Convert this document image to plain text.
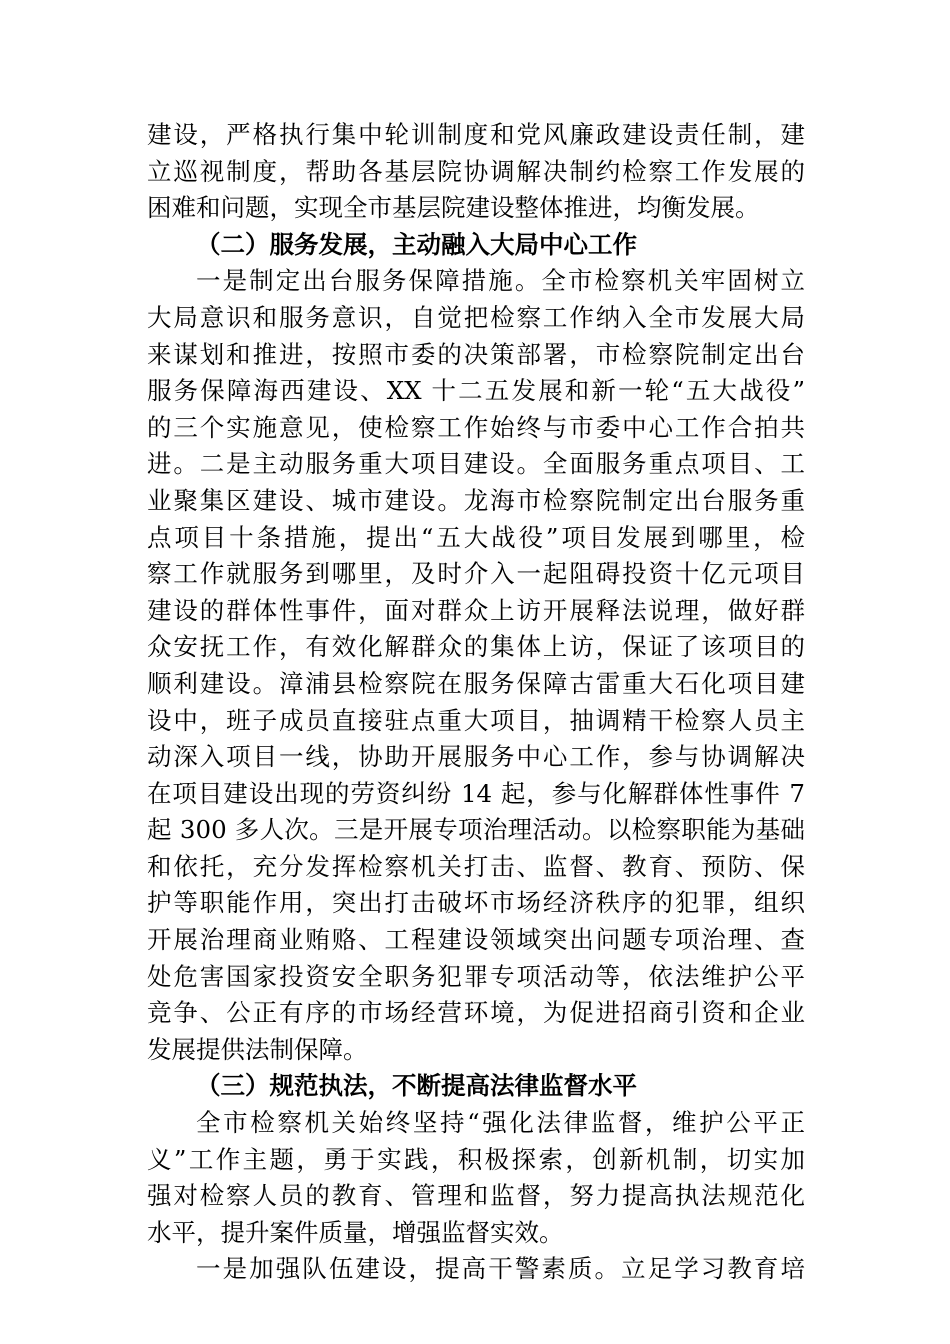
建设，严格执行集中轮训制度和党风廉政建设责任制，建
立巡视制度，帮助各基层院协调解决制约检察工作发展的
困难和问题，实现全市基层院建设整体推进，均衡发展。
（二）服务发展，主动融入大局中心工作
一是制定出台服务保障措施。全市检察机关牢固树立
大局意识和服务意识，自觉把检察工作纳入全市发展大局
来谋划和推进，按照市委的决策部署，市检察院制定出台
服务保障海西建设、XX 十二五发展和新一轮“五大战役”
的三个实施意见，使检察工作始终与市委中心工作合拍共
进。二是主动服务重大项目建设。全面服务重点项目、工
业聚集区建设、城市建设。龙海市检察院制定出台服务重
点项目十条措施，提出“五大战役”项目发展到哪里，检
察工作就服务到哪里，及时介入一起阻碍投资十亿元项目
建设的群体性事件，面对群众上访开展释法说理，做好群
众安抚工作，有效化解群众的集体上访，保证了该项目的
顺利建设。漳浦县检察院在服务保障古雷重大石化项目建
设中，班子成员直接驻点重大项目，抽调精干检察人员主
动深入项目一线，协助开展服务中心工作，参与协调解决
在项目建设出现的劳资纠纷 14 起，参与化解群体性事件 7
起 300 多人次。三是开展专项治理活动。以检察职能为基础
和依托，充分发挥检察机关打击、监督、教育、预防、保
护等职能作用，突出打击破坏市场经济秩序的犯罪，组织
开展治理商业贿赂、工程建设领域突出问题专项治理、查
处危害国家投资安全职务犯罪专项活动等，依法维护公平
竞争、公正有序的市场经营环境，为促进招商引资和企业
发展提供法制保障。
（三）规范执法，不断提高法律监督水平
全市检察机关始终坚持“强化法律监督，维护公平正
义”工作主题，勇于实践，积极探索，创新机制，切实加
强对检察人员的教育、管理和监督，努力提高执法规范化
水平，提升案件质量，增强监督实效。
一是加强队伍建设，提高干警素质。立足学习教育培
